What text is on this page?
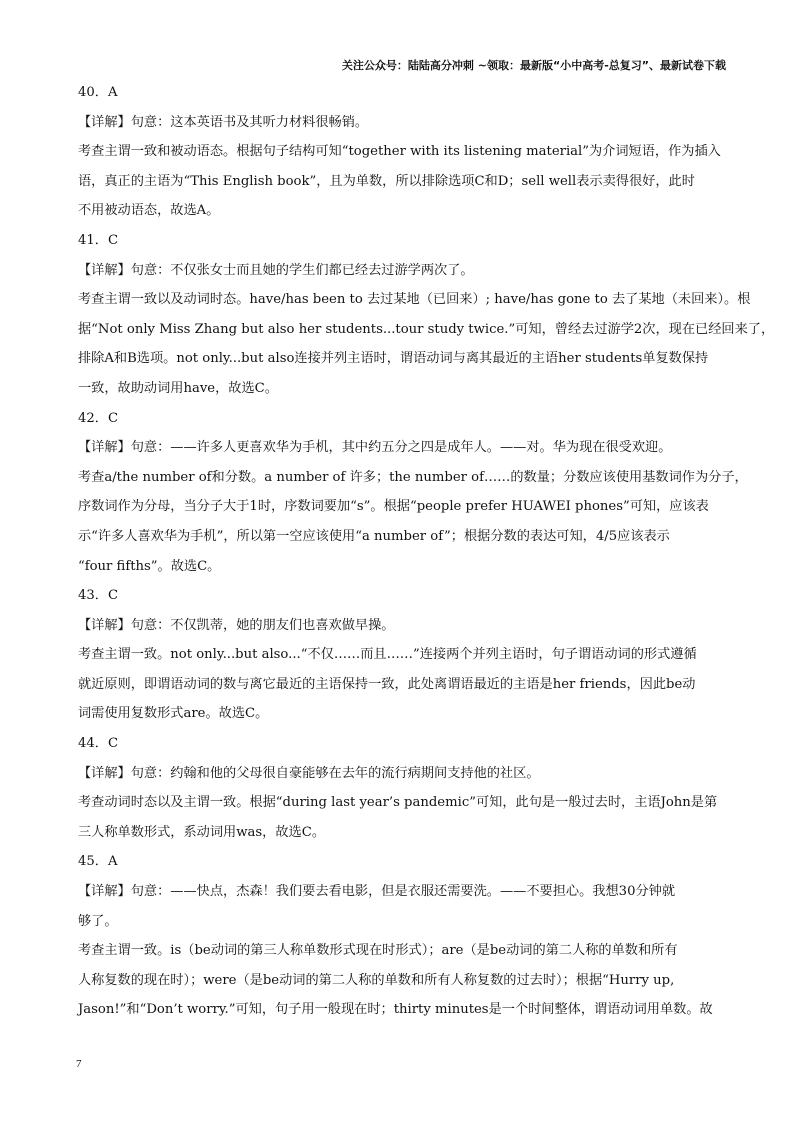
关注公众号：陆陆高分冲刺 ~领取：最新版“小中高考-总复习”、最新试卷下载
40．A
【详解】句意：这本英语书及其听力材料很畅销。
考查主谓一致和被动语态。根据句子结构可知“together with its listening material”为介词短语，作为插入
语，真正的主语为“This English book”，且为单数，所以排除选项C和D；sell well表示卖得很好，此时
不用被动语态，故选A。
41．C
【详解】句意：不仅张女士而且她的学生们都已经去过游学两次了。
考查主谓一致以及动词时态。have/has been to 去过某地（已回来）; have/has gone to 去了某地（未回来）。根
据“Not only Miss Zhang but also her students...tour study twice.”可知，曾经去过游学2次，现在已经回来了，
排除A和B选项。not only...but also连接并列主语时，谓语动词与离其最近的主语her students单复数保持
一致，故助动词用have，故选C。
42．C
【详解】句意：——许多人更喜欢华为手机，其中约五分之四是成年人。——对。华为现在很受欢迎。
考查a/the number of和分数。a number of 许多；the number of……的数量；分数应该使用基数词作为分子，
序数词作为分母，当分子大于1时，序数词要加“s”。根据“people prefer HUAWEI phones”可知，应该表
示“许多人喜欢华为手机”，所以第一空应该使用“a number of”；根据分数的表达可知，4/5应该表示
“four fifths”。故选C。
43．C
【详解】句意：不仅凯蒂，她的朋友们也喜欢做早操。
考查主谓一致。not only...but also...“不仅……而且……”连接两个并列主语时，句子谓语动词的形式遵循
就近原则，即谓语动词的数与离它最近的主语保持一致，此处离谓语最近的主语是her friends，因此be动
词需使用复数形式are。故选C。
44．C
【详解】句意：约翰和他的父母很自豪能够在去年的流行病期间支持他的社区。
考查动词时态以及主谓一致。根据“during last year’s pandemic”可知，此句是一般过去时，主语John是第
三人称单数形式，系动词用was，故选C。
45．A
【详解】句意：——快点，杰森！我们要去看电影，但是衣服还需要洗。——不要担心。我想30分钟就
够了。
考查主谓一致。is（be动词的第三人称单数形式现在时形式）；are（是be动词的第二人称的单数和所有
人称复数的现在时）；were（是be动词的第二人称的单数和所有人称复数的过去时）；根据“Hurry up,
Jason!”和“Don’t worry.”可知，句子用一般现在时；thirty minutes是一个时间整体，谓语动词用单数。故
7
